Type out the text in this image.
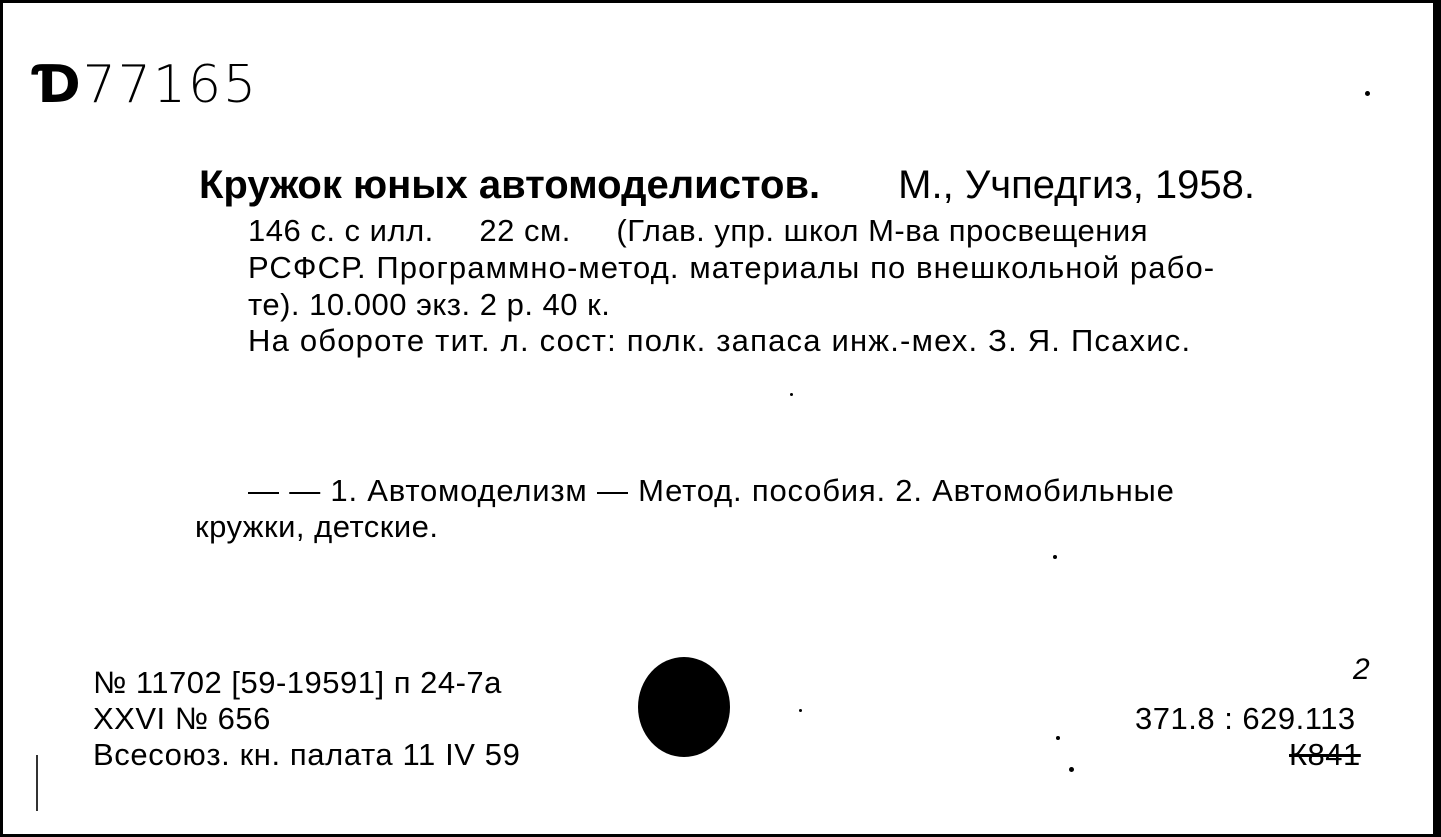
Ɗ77165
Кружок юных автомоделистов. М., Учпедгиз, 1958.
146 с. с илл.     22 см.     (Глав. упр. школ М-ва просвещения
РСФСР. Программно-метод. материалы по внешкольной рабо-
те). 10.000 экз. 2 р. 40 к.
На обороте тит. л. сост: полк. запаса инж.-мех. З. Я. Псахис.
— — 1. Автомоделизм — Метод. пособия. 2. Автомобильные
кружки, детские.
№ 11702 [59-19591] п 24-7а
XXVI № 656
Всесоюз. кн. палата 11 IV 59
2
371.8 : 629.113
К841
